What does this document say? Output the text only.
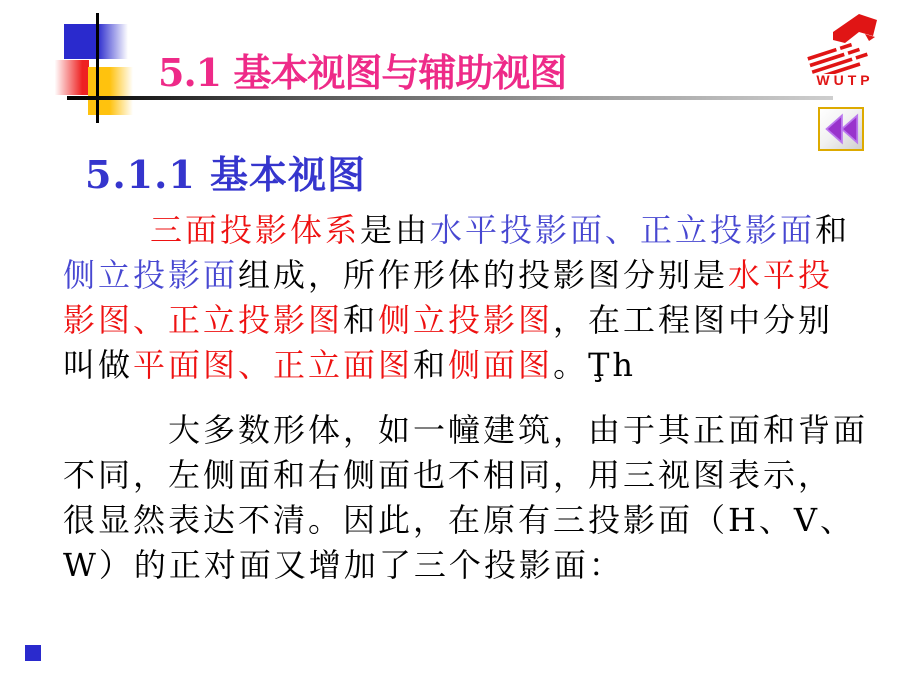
5.1 基本视图与辅助视图	WUTP
5.1.1 基本视图
三面投影体系是由水平投影面、正立投影面和
侧立投影面组成，所作形体的投影图分别是水平投
影图、正立投影图和侧立投影图，在工程图中分别
叫做平面图、正立面图和侧面图。Ţh
大多数形体，如一幢建筑，由于其正面和背面
不同，左侧面和右侧面也不相同，用三视图表示，
很显然表达不清。因此，在原有三投影面（H、V、
W）的正对面又增加了三个投影面：
